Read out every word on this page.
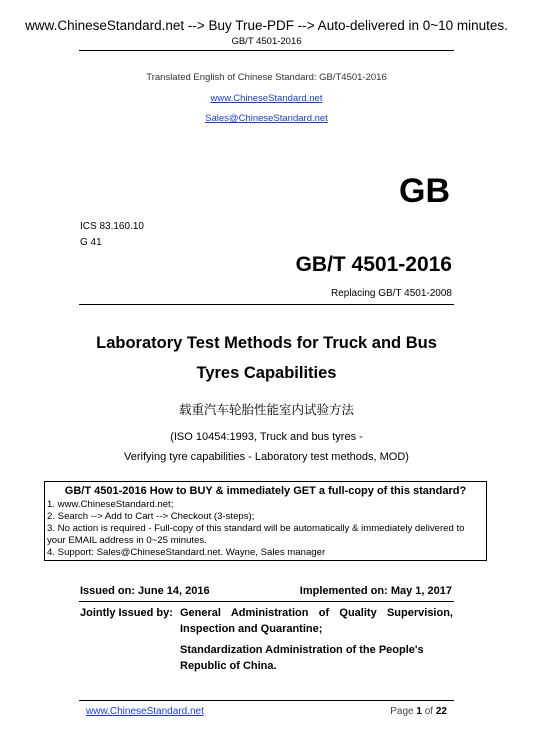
www.ChineseStandard.net --> Buy True-PDF --> Auto-delivered in 0~10 minutes.
GB/T 4501-2016
Translated English of Chinese Standard: GB/T4501-2016
www.ChineseStandard.net
Sales@ChineseStandard.net
GB
ICS 83.160.10
G 41
GB/T 4501-2016
Replacing GB/T 4501-2008
Laboratory Test Methods for Truck and Bus
Tyres Capabilities
载重汽车轮胎性能室内试验方法
(ISO 10454:1993, Truck and bus tyres -
Verifying tyre capabilities - Laboratory test methods, MOD)
GB/T 4501-2016 How to BUY & immediately GET a full-copy of this standard?
1. www.ChineseStandard.net;
2. Search --> Add to Cart --> Checkout (3-steps);
3. No action is required - Full-copy of this standard will be automatically & immediately delivered to
your EMAIL address in 0~25 minutes.
4. Support: Sales@ChineseStandard.net. Wayne, Sales manager
Issued on: June 14, 2016	Implemented on: May 1, 2017
Jointly Issued by: General Administration of Quality Supervision,
Inspection and Quarantine;
Standardization Administration of the People's
Republic of China.
www.ChineseStandard.net	Page 1 of 22
